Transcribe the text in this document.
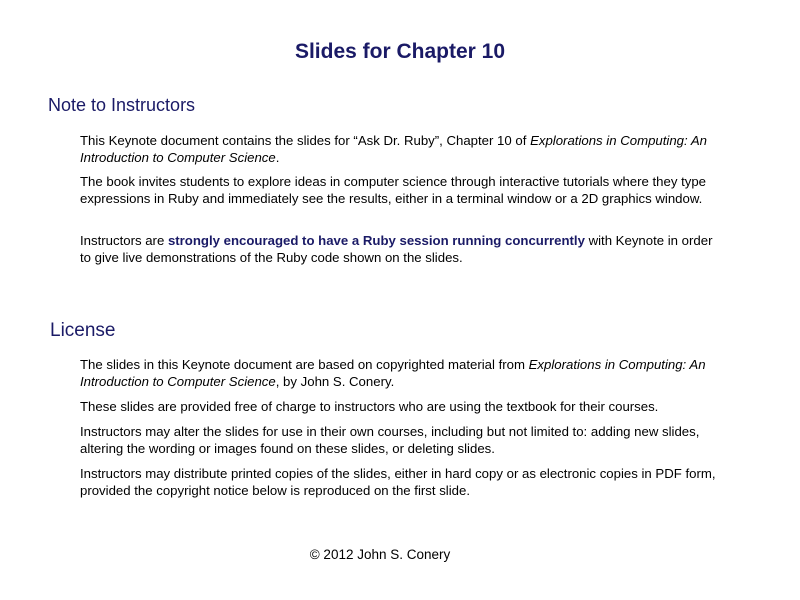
Slides for Chapter 10
Note to Instructors

This Keynote document contains the slides for “Ask Dr. Ruby”, Chapter 10 of Explorations in Computing: An Introduction to Computer Science.

The book invites students to explore ideas in computer science through interactive tutorials where they type expressions in Ruby and immediately see the results, either in a terminal window or a 2D graphics window.

Instructors are strongly encouraged to have a Ruby session running concurrently with Keynote in order to give live demonstrations of the Ruby code shown on the slides.

License

The slides in this Keynote document are based on copyrighted material from Explorations in Computing: An Introduction to Computer Science, by John S. Conery.

These slides are provided free of charge to instructors who are using the textbook for their courses.

Instructors may alter the slides for use in their own courses, including but not limited to: adding new slides, altering the wording or images found on these slides, or deleting slides.

Instructors may distribute printed copies of the slides, either in hard copy or as electronic copies in PDF form, provided the copyright notice below is reproduced on the first slide.

© 2012 John S. Conery
